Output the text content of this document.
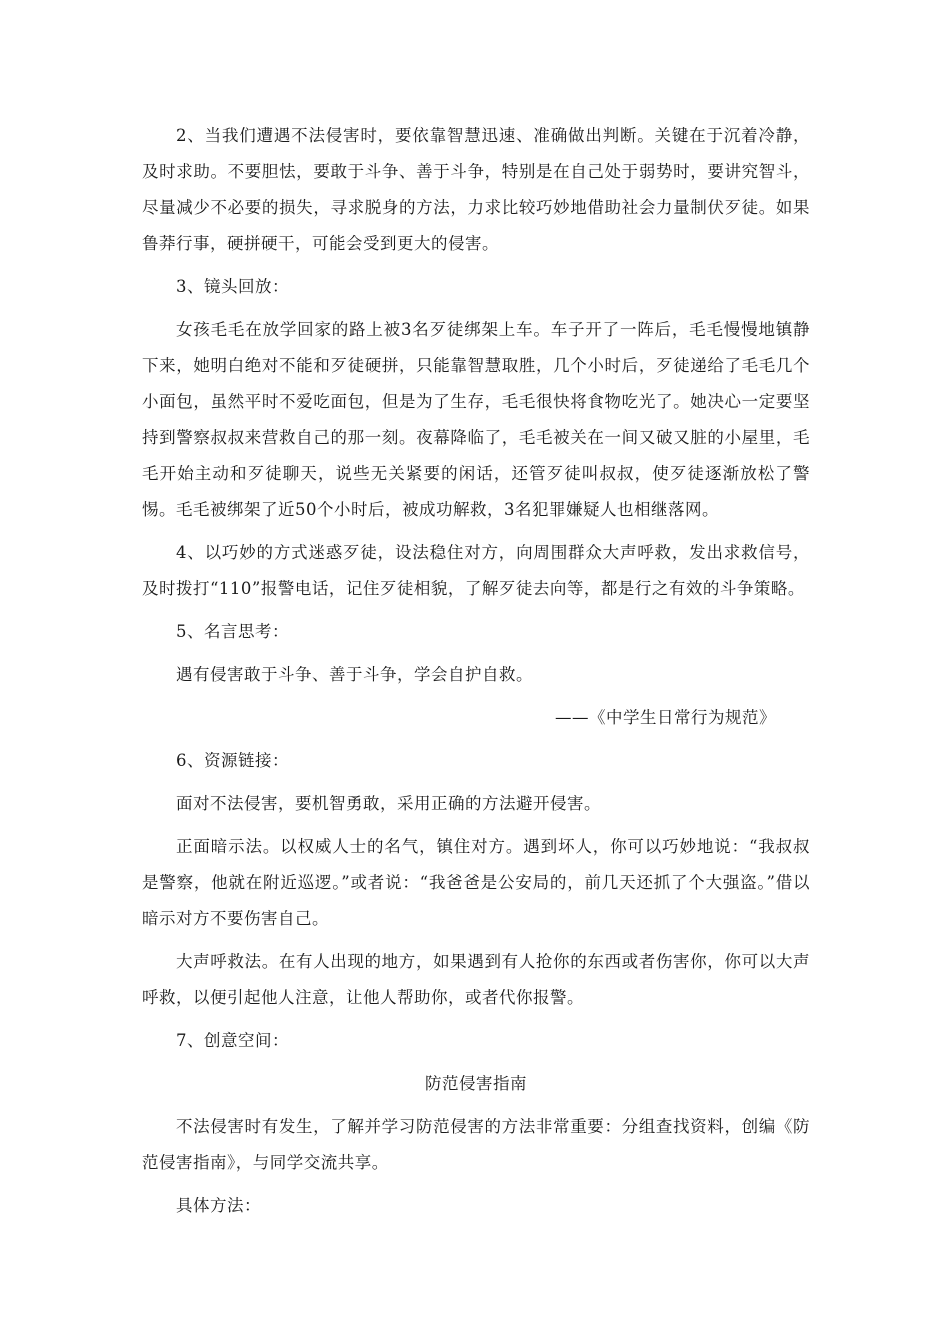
2、当我们遭遇不法侵害时，要依靠智慧迅速、准确做出判断。关键在于沉着冷静，及时求助。不要胆怯，要敢于斗争、善于斗争，特别是在自己处于弱势时，要讲究智斗，尽量减少不必要的损失，寻求脱身的方法，力求比较巧妙地借助社会力量制伏歹徒。如果鲁莽行事，硬拼硬干，可能会受到更大的侵害。

3、镜头回放：

女孩毛毛在放学回家的路上被3名歹徒绑架上车。车子开了一阵后，毛毛慢慢地镇静下来，她明白绝对不能和歹徒硬拼，只能靠智慧取胜，几个小时后，歹徒递给了毛毛几个小面包，虽然平时不爱吃面包，但是为了生存，毛毛很快将食物吃光了。她决心一定要坚持到警察叔叔来营救自己的那一刻。夜幕降临了，毛毛被关在一间又破又脏的小屋里，毛毛开始主动和歹徒聊天，说些无关紧要的闲话，还管歹徒叫叔叔，使歹徒逐渐放松了警惕。毛毛被绑架了近50个小时后，被成功解救，3名犯罪嫌疑人也相继落网。

4、以巧妙的方式迷惑歹徒，设法稳住对方，向周围群众大声呼救，发出求救信号，及时拨打“110”报警电话，记住歹徒相貌，了解歹徒去向等，都是行之有效的斗争策略。

5、名言思考：

遇有侵害敢于斗争、善于斗争，学会自护自救。

——《中学生日常行为规范》

6、资源链接：

面对不法侵害，要机智勇敢，采用正确的方法避开侵害。

正面暗示法。以权威人士的名气，镇住对方。遇到坏人，你可以巧妙地说：“我叔叔是警察，他就在附近巡逻。”或者说：“我爸爸是公安局的，前几天还抓了个大强盗。”借以暗示对方不要伤害自己。

大声呼救法。在有人出现的地方，如果遇到有人抢你的东西或者伤害你，你可以大声呼救，以便引起他人注意，让他人帮助你，或者代你报警。

7、创意空间：

防范侵害指南

不法侵害时有发生，了解并学习防范侵害的方法非常重要：分组查找资料，创编《防范侵害指南》，与同学交流共享。

具体方法：
